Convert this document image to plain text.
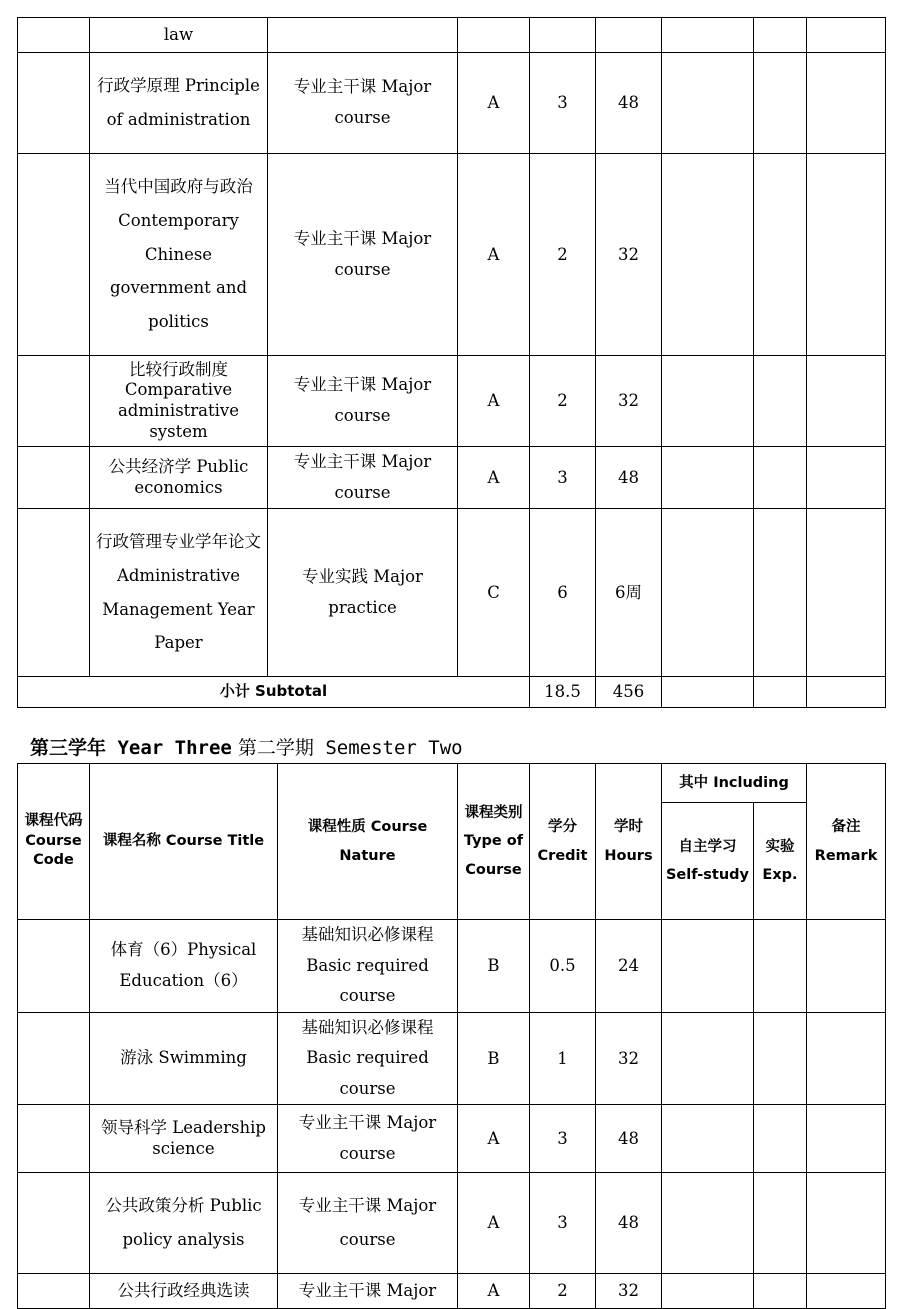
	law							
	行政学原理 Principle of administration	专业主干课 Major course	A	3	48			
	当代中国政府与政治 Contemporary Chinese government and politics	专业主干课 Major course	A	2	32			
	比较行政制度 Comparative administrative system	专业主干课 Major course	A	2	32			
	公共经济学 Public economics	专业主干课 Major course	A	3	48			
	行政管理专业学年论文 Administrative Management Year Paper	专业实践 Major practice	C	6	6周			
小计 Subtotal				18.5	456			
第三学年 Year Three 第二学期 Semester Two
课程代码 Course Code	课程名称 Course Title	课程性质 Course Nature	课程类别 Type of Course	学分 Credit	学时 Hours	其中 Including		备注 Remark
						自主学习 Self-study	实验 Exp.	
	体育（6）Physical Education（6）	基础知识必修课程 Basic required course	B	0.5	24			
	游泳 Swimming	基础知识必修课程 Basic required course	B	1	32			
	领导科学 Leadership science	专业主干课 Major course	A	3	48			
	公共政策分析 Public policy analysis	专业主干课 Major course	A	3	48			
	公共行政经典选读	专业主干课 Major	A	2	32			
